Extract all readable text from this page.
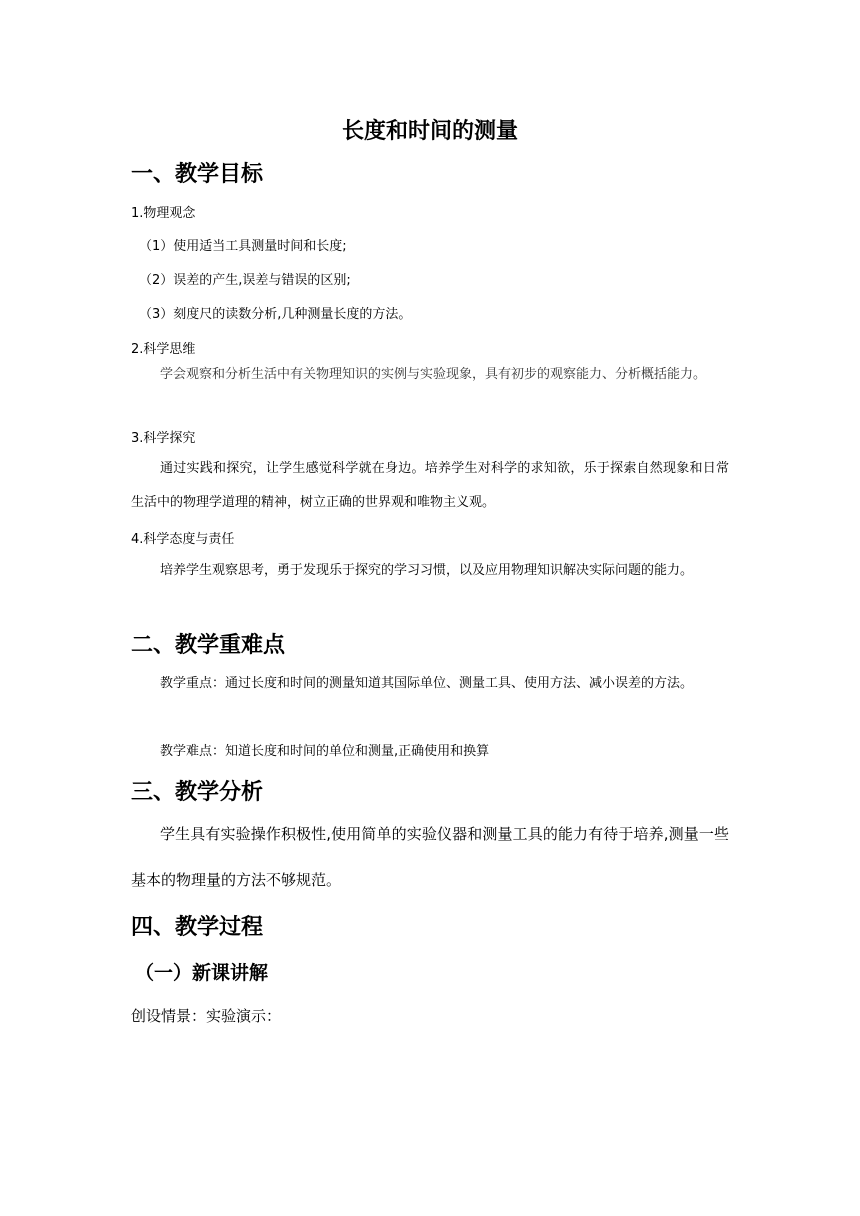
长度和时间的测量
一、教学目标
1.物理观念
（1）使用适当工具测量时间和长度;
（2）误差的产生,误差与错误的区别;
（3）刻度尺的读数分析,几种测量长度的方法。
2.科学思维

学会观察和分析生活中有关物理知识的实例与实验现象，具有初步的观察能力、分析概括能力。

3.科学探究

通过实践和探究，让学生感觉科学就在身边。培养学生对科学的求知欲，乐于探索自然现象和日常生活中的物理学道理的精神，树立正确的世界观和唯物主义观。

4.科学态度与责任

培养学生观察思考，勇于发现乐于探究的学习习惯，以及应用物理知识解决实际问题的能力。

二、教学重难点

教学重点：通过长度和时间的测量知道其国际单位、测量工具、使用方法、减小误差的方法。

教学难点：知道长度和时间的单位和测量,正确使用和换算

三、教学分析

学生具有实验操作积极性,使用简单的实验仪器和测量工具的能力有待于培养,测量一些基本的物理量的方法不够规范。

四、教学过程
（一）新课讲解
创设情景：实验演示：
